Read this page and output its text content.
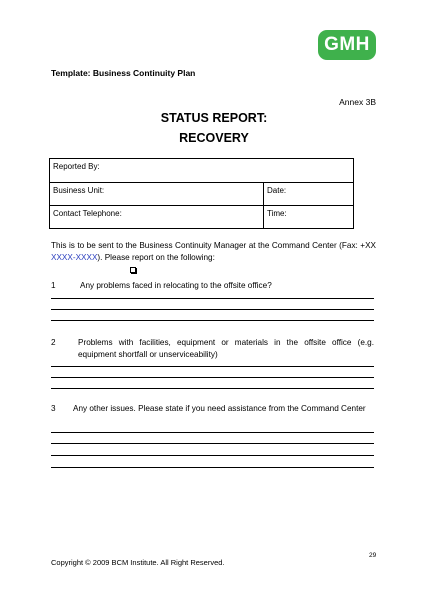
GMH
Template: Business Continuity Plan
Annex 3B
STATUS REPORT:
RECOVERY
Reported By:
Business Unit:	Date:
Contact Telephone:	Time:
This is to be sent to the Business Continuity Manager at the Command Center (Fax: +XX XXXX-XXXX). Please report on the following:
1	Any problems faced in relocating to the offsite office?
2	Problems with facilities, equipment or materials in the offsite office (e.g. equipment shortfall or unserviceability)
3 Any other issues. Please state if you need assistance from the Command Center
29
Copyright © 2009 BCM Institute. All Right Reserved.
